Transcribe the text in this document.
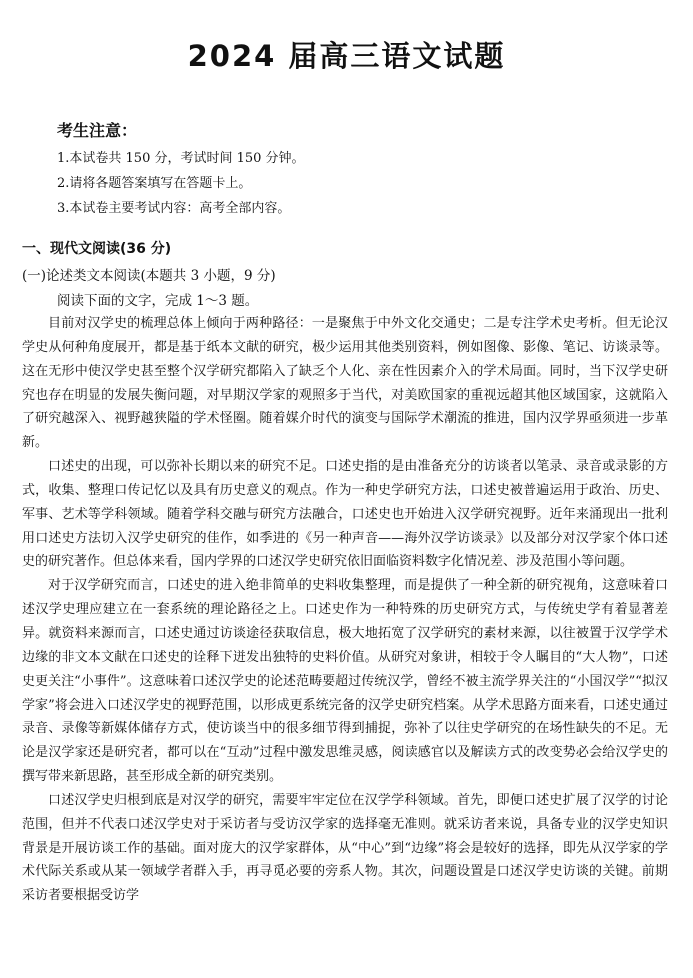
2024 届高三语文试题
考生注意：
1.本试卷共 150 分，考试时间 150 分钟。
2.请将各题答案填写在答题卡上。
3.本试卷主要考试内容：高考全部内容。
一、现代文阅读(36 分)
(一)论述类文本阅读(本题共 3 小题，9 分)
阅读下面的文字，完成 1～3 题。

目前对汉学史的梳理总体上倾向于两种路径：一是聚焦于中外文化交通史；二是专注学术史考析。但无论汉学史从何种角度展开，都是基于纸本文献的研究，极少运用其他类别资料，例如图像、影像、笔记、访谈录等。这在无形中使汉学史甚至整个汉学研究都陷入了缺乏个人化、亲在性因素介入的学术局面。同时，当下汉学史研究也存在明显的发展失衡问题，对早期汉学家的观照多于当代，对美欧国家的重视远超其他区域国家，这就陷入了研究越深入、视野越狭隘的学术怪圈。随着媒介时代的演变与国际学术潮流的推进，国内汉学界亟须进一步革新。

口述史的出现，可以弥补长期以来的研究不足。口述史指的是由准备充分的访谈者以笔录、录音或录影的方式，收集、整理口传记忆以及具有历史意义的观点。作为一种史学研究方法，口述史被普遍运用于政治、历史、军事、艺术等学科领域。随着学科交融与研究方法融合，口述史也开始进入汉学研究视野。近年来涌现出一批利用口述史方法切入汉学史研究的佳作，如季进的《另一种声音——海外汉学访谈录》以及部分对汉学家个体口述史的研究著作。但总体来看，国内学界的口述汉学史研究依旧面临资料数字化情况差、涉及范围小等问题。

对于汉学研究而言，口述史的进入绝非简单的史料收集整理，而是提供了一种全新的研究视角，这意味着口述汉学史理应建立在一套系统的理论路径之上。口述史作为一种特殊的历史研究方式，与传统史学有着显著差异。就资料来源而言，口述史通过访谈途径获取信息，极大地拓宽了汉学研究的素材来源，以往被置于汉学学术边缘的非文本文献在口述史的诠释下迸发出独特的史料价值。从研究对象讲，相较于令人瞩目的“大人物”，口述史更关注“小事件”。这意味着口述汉学史的论述范畴要超过传统汉学，曾经不被主流学界关注的“小国汉学”“拟汉学家”将会进入口述汉学史的视野范围，以形成更系统完备的汉学史研究档案。从学术思路方面来看，口述史通过录音、录像等新媒体储存方式，使访谈当中的很多细节得到捕捉，弥补了以往史学研究的在场性缺失的不足。无论是汉学家还是研究者，都可以在“互动”过程中激发思维灵感，阅读感官以及解读方式的改变势必会给汉学史的撰写带来新思路，甚至形成全新的研究类别。

口述汉学史归根到底是对汉学的研究，需要牢牢定位在汉学学科领域。首先，即便口述史扩展了汉学的讨论范围，但并不代表口述汉学史对于采访者与受访汉学家的选择毫无准则。就采访者来说，具备专业的汉学史知识背景是开展访谈工作的基础。面对庞大的汉学家群体，从“中心”到“边缘”将会是较好的选择，即先从汉学家的学术代际关系或从某一领域学者群入手，再寻觅必要的旁系人物。其次，问题设置是口述汉学史访谈的关键。前期采访者要根据受访学
